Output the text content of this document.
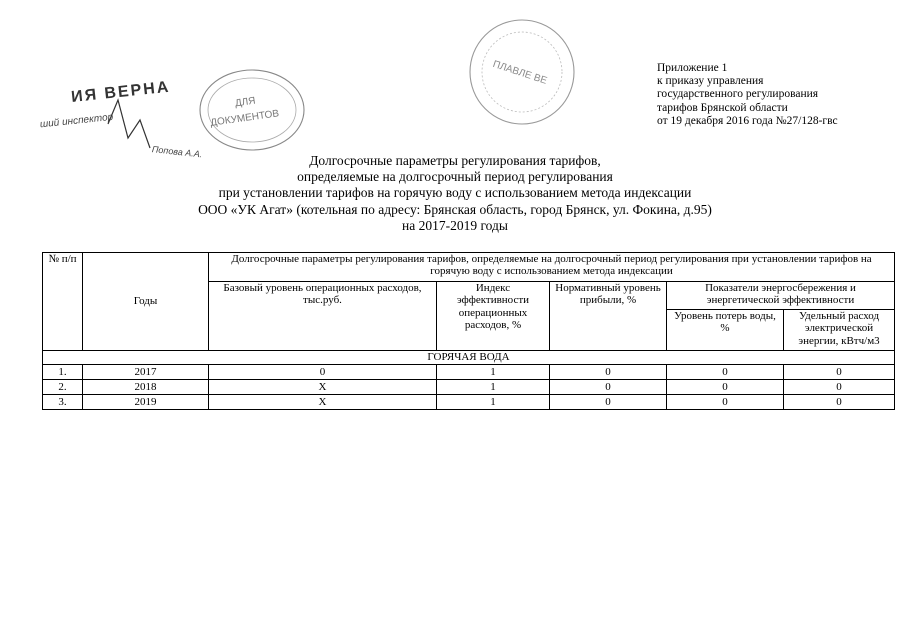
ИЯ ВЕРНА
ший инспектор
Попова А.А.
ДЛЯ
ДОКУМЕНТОВ
ПЛАВЛЕ ВЕ	Приложение 1
к приказу управления
государственного регулирования
тарифов Брянской области
от 19 декабря 2016 года №27/128-гвс
Долгосрочные параметры регулирования тарифов,
определяемые на долгосрочный период регулирования
при установлении тарифов на горячую воду с использованием метода индексации
ООО «УК Агат» (котельная по адресу: Брянская область, город Брянск, ул. Фокина, д.95)
на 2017-2019 годы
№ п/п	Годы	Долгосрочные параметры регулирования тарифов, определяемые на долгосрочный период регулирования при установлении тарифов на горячую воду с использованием метода индексации				
		Базовый уровень операционных расходов, тыс.руб.	Индекс эффективности операционных расходов, %	Нормативный уровень прибыли, %	Показатели энергосбережения и энергетической эффективности	
					Уровень потерь воды, %	Удельный расход электрической энергии, кВтч/м3
ГОРЯЧАЯ ВОДА						
1.	2017	0	1	0	0	0
2.	2018	Х	1	0	0	0
3.	2019	Х	1	0	0	0
